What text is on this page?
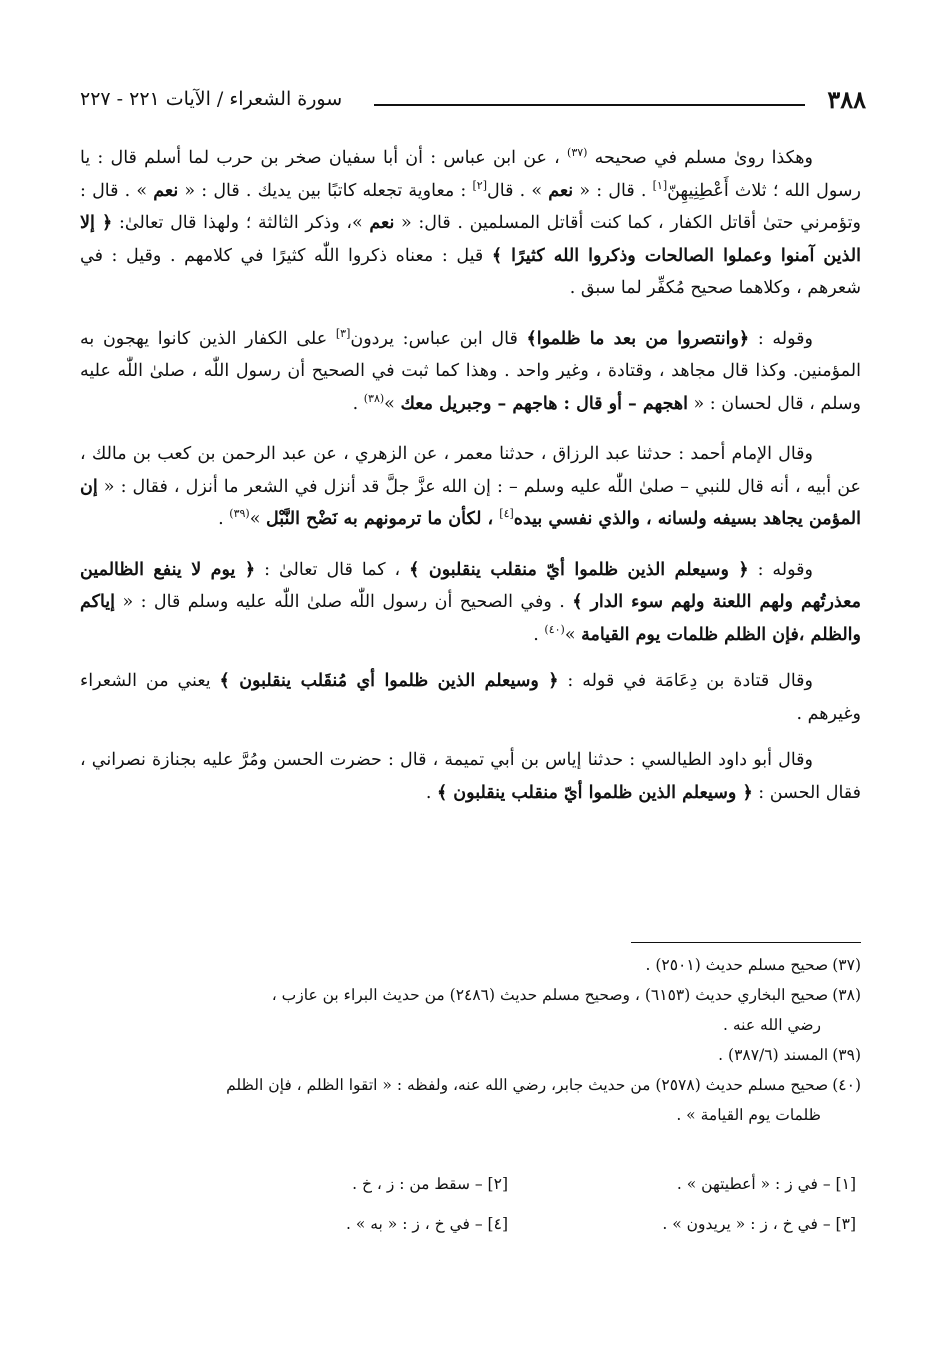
٣٨٨
سورة الشعراء / الآيات ٢٢١ - ٢٢٧

وهكذا روىٰ مسلم في صحيحه $^{(٣٧)}$ ، عن ابن عباس : أن أبا سفيان صخر بن حرب لما أسلم قال : يا رسول الله ؛ ثلاث أَعْطِنِيهِنّ[١] . قال : « نعم » . قال[٢] : معاوية تجعله كاتبًا بين يديك . قال : « نعم » . قال : وتؤمرني حتىٰ أقاتل الكفار ، كما كنت أقاتل المسلمين . قال: « نعم »، وذكر الثالثة ؛ ولهذا قال تعالىٰ: ﴿ إلا الذين آمنوا وعملوا الصالحات وذكروا الله كثيرًا ﴾ قيل : معناه ذكروا اللّٰه كثيرًا في كلامهم . وقيل : في شعرهم ، وكلاهما صحيح مُكفِّر لما سبق .

وقوله : ﴿وانتصروا من بعد ما ظلموا﴾ قال ابن عباس: يردون[٣] على الكفار الذين كانوا يهجون به المؤمنين. وكذا قال مجاهد ، وقتادة ، وغير واحد . وهذا كما ثبت في الصحيح أن رسول اللّٰه ، صلىٰ اللّٰه عليه وسلم ، قال لحسان : « اهجهم – أو قال : هاجهم – وجبريل معك »$^{(٣٨)}$ .

وقال الإمام أحمد : حدثنا عبد الرزاق ، حدثنا معمر ، عن الزهري ، عن عبد الرحمن بن كعب بن مالك ، عن أبيه ، أنه قال للنبي – صلىٰ اللّٰه عليه وسلم – : إن الله عزَّ جلَّ قد أنزل في الشعر ما أنزل ، فقال : « إن المؤمن يجاهد بسيفه ولسانه ، والذي نفسي بيده[٤] ، لكأن ما ترمونهم به نَضْح النَّبْل »$^{(٣٩)}$ .

وقوله : ﴿ وسيعلم الذين ظلموا أيّ منقلب ينقلبون ﴾ ، كما قال تعالىٰ : ﴿ يوم لا ينفع الظالمين معذرتُهم ولهم اللعنة ولهم سوء الدار ﴾ . وفي الصحيح أن رسول اللّٰه صلىٰ اللّٰه عليه وسلم قال : « إياكم والظلم ،فإن الظلم ظلمات يوم القيامة »$^{(٤٠)}$ .

وقال قتادة بن دِعَامَة في قوله : ﴿ وسيعلم الذين ظلموا أي مُنقَلب ينقلبون ﴾ يعني من الشعراء وغيرهم .

وقال أبو داود الطيالسي : حدثنا إياس بن أبي تميمة ، قال : حضرت الحسن ومُرَّ عليه بجنازة نصراني ، فقال الحسن : ﴿ وسيعلم الذين ظلموا أيّ منقلب ينقلبون ﴾ .

(٣٧)صحيح مسلم حديث (٢٥٠١) .

(٣٨)صحيح البخاري حديث (٦١٥٣) ، وصحيح مسلم حديث (٢٤٨٦) من حديث البراء بن عازب ،
رضي الله عنه .

(٣٩)المسند (٣٨٧/٦) .

(٤٠)صحيح مسلم حديث (٢٥٧٨) من حديث جابر، رضي الله عنه، ولفظه : « اتقوا الظلم ، فإن الظلم
ظلمات يوم القيامة » .

[١] – في ز : « أعطيتهن » .
[٢] – سقط من : ز ، خ .
[٣] – في خ ، ز : « يريدون » .
[٤] – في خ ، ز : « به » .
